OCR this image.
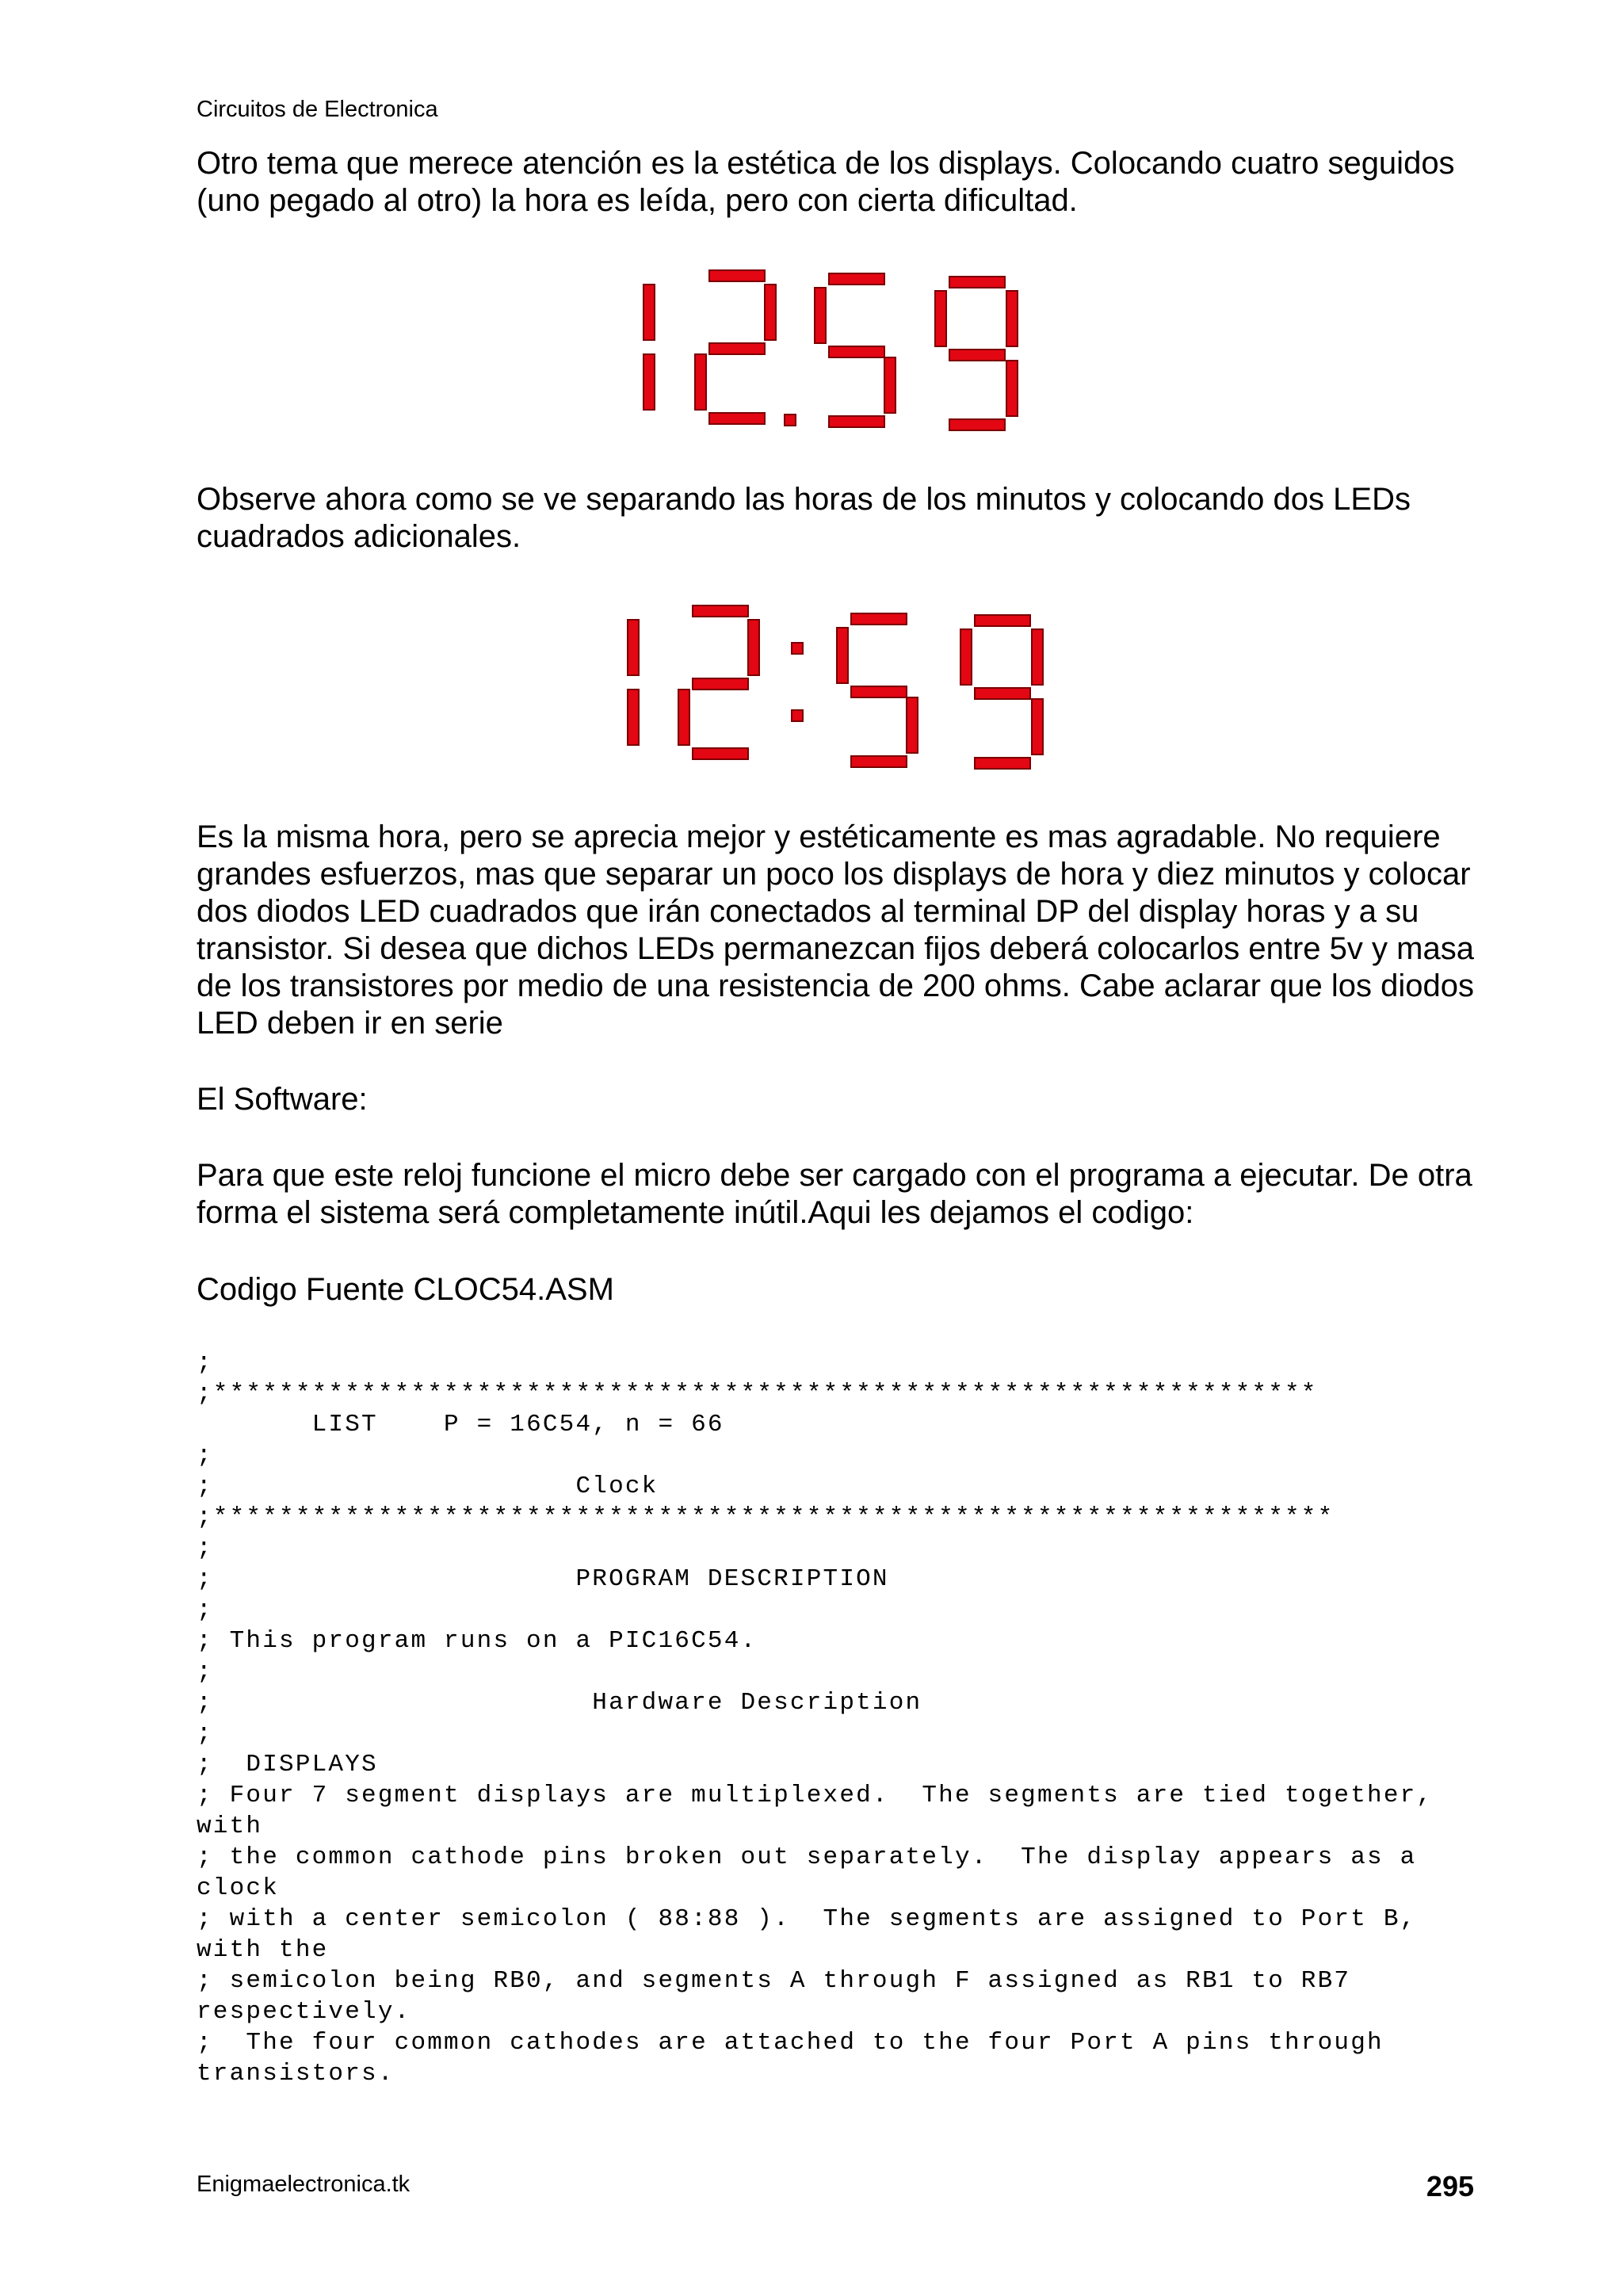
Circuitos de Electronica

Otro tema que merece atención es la estética de los displays. Colocando cuatro seguidos (uno pegado al otro) la hora es leída, pero con cierta dificultad.

Observe ahora como se ve separando las horas de los minutos y colocando dos LEDs cuadrados adicionales.

Es la misma hora, pero se aprecia mejor y estéticamente es mas agradable. No requiere grandes esfuerzos, mas que separar un poco los displays de hora y diez minutos y colocar dos diodos LED cuadrados que irán conectados al terminal DP del display horas y a su transistor. Si desea que dichos LEDs permanezcan fijos deberá colocarlos entre 5v y masa de los transistores por medio de una resistencia de 200 ohms. Cabe aclarar que los diodos LED deben ir en serie

El Software:

Para que este reloj funcione el micro debe ser cargado con el programa a ejecutar. De otra forma el sistema será completamente inútil.Aqui les dejamos el codigo:

Codigo Fuente CLOC54.ASM

;
;*******************************************************************
LIST    P = 16C54, n = 66
;
;                      Clock
;********************************************************************
;
;                      PROGRAM DESCRIPTION
;
; This program runs on a PIC16C54.
;
;                       Hardware Description
;
;  DISPLAYS
; Four 7 segment displays are multiplexed.  The segments are tied together, with
; the common cathode pins broken out separately.  The display appears as a clock
; with a center semicolon ( 88:88 ).  The segments are assigned to Port B, with the
; semicolon being RB0, and segments A through F assigned as RB1 to RB7 respectively.
;  The four common cathodes are attached to the four Port A pins through transistors.
Enigmaelectronica.tk	295
